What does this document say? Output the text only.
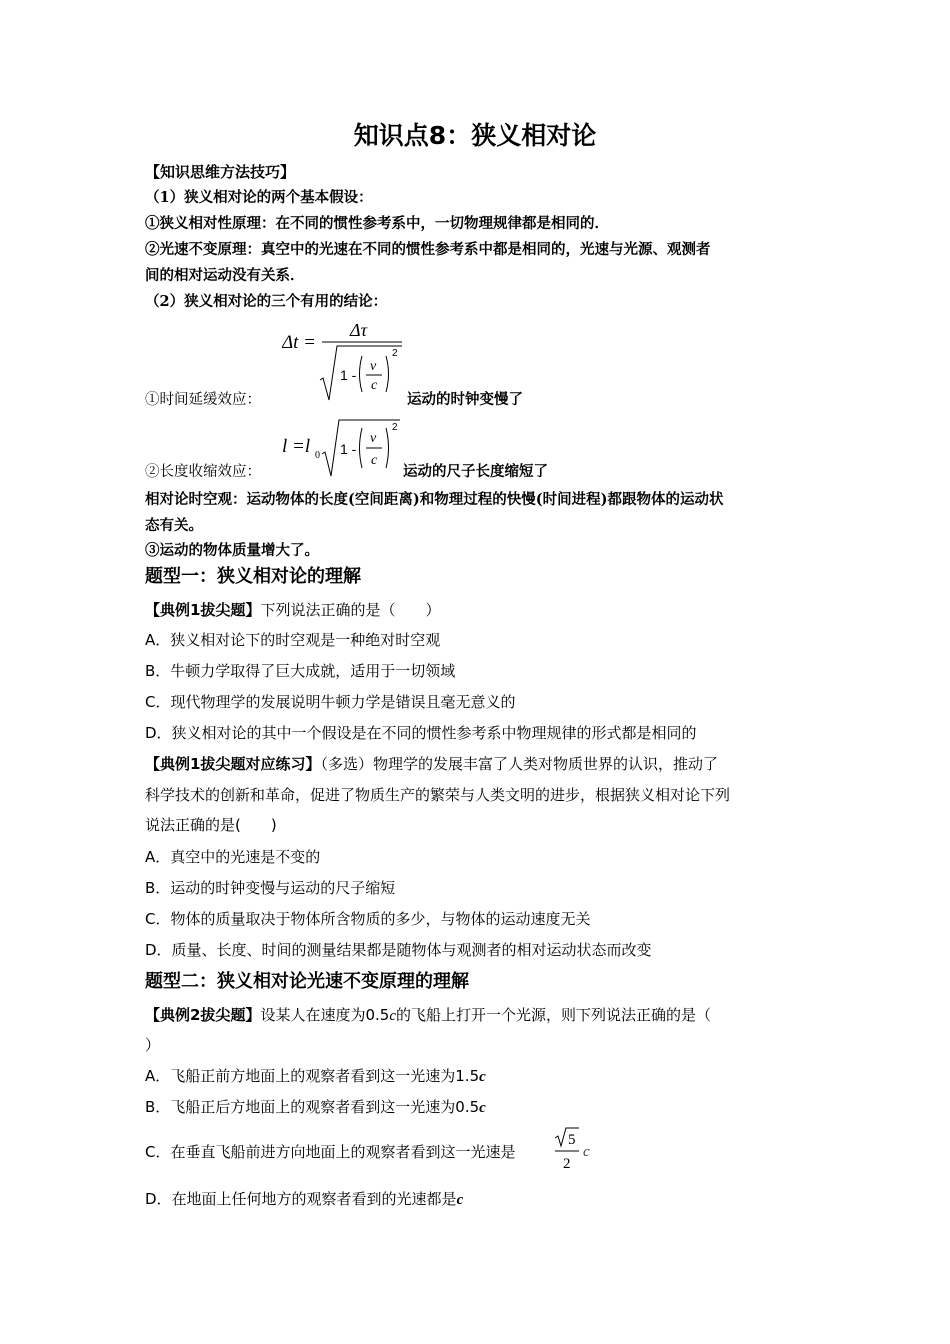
知识点8：狭义相对论
【知识思维方法技巧】
（1）狭义相对论的两个基本假设：
①狭义相对性原理：在不同的惯性参考系中，一切物理规律都是相同的．
②光速不变原理：真空中的光速在不同的惯性参考系中都是相同的，光速与光源、观测者
间的相对运动没有关系．
（2）狭义相对论的三个有用的结论：
Δt =
Δτ
1 -
v
c
2
①时间延缓效应：	运动的时钟变慢了
l =l 0 1 -
v
c
2
②长度收缩效应：	运动的尺子长度缩短了
相对论时空观：运动物体的长度(空间距离)和物理过程的快慢(时间进程)都跟物体的运动状
态有关。
③运动的物体质量增大了。
题型一：狭义相对论的理解
【典例1拔尖题】下列说法正确的是（　　）
A．狭义相对论下的时空观是一种绝对时空观
B．牛顿力学取得了巨大成就，适用于一切领域
C．现代物理学的发展说明牛顿力学是错误且毫无意义的
D．狭义相对论的其中一个假设是在不同的惯性参考系中物理规律的形式都是相同的
【典例1拔尖题对应练习】（多选）物理学的发展丰富了人类对物质世界的认识，推动了
科学技术的创新和革命，促进了物质生产的繁荣与人类文明的进步，根据狭义相对论下列
说法正确的是(　　)
A．真空中的光速是不变的
B．运动的时钟变慢与运动的尺子缩短
C．物体的质量取决于物体所含物质的多少，与物体的运动速度无关
D．质量、长度、时间的测量结果都是随物体与观测者的相对运动状态而改变
题型二：狭义相对论光速不变原理的理解
【典例2拔尖题】设某人在速度为0.5c的飞船上打开一个光源，则下列说法正确的是（
）
A．飞船正前方地面上的观察者看到这一光速为1.5c
B．飞船正后方地面上的观察者看到这一光速为0.5c
C．在垂直飞船前进方向地面上的观察者看到这一光速是
5
2
c
D．在地面上任何地方的观察者看到的光速都是c
